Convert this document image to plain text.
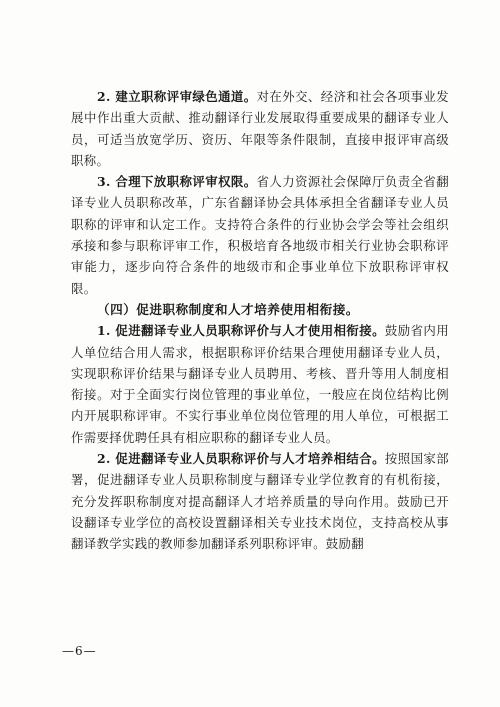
2. 建立职称评审绿色通道。对在外交、经济和社会各项事业发展中作出重大贡献、推动翻译行业发展取得重要成果的翻译专业人员，可适当放宽学历、资历、年限等条件限制，直接申报评审高级职称。

3. 合理下放职称评审权限。省人力资源社会保障厅负责全省翻译专业人员职称改革，广东省翻译协会具体承担全省翻译专业人员职称的评审和认定工作。支持符合条件的行业协会学会等社会组织承接和参与职称评审工作，积极培育各地级市相关行业协会职称评审能力，逐步向符合条件的地级市和企事业单位下放职称评审权限。

（四）促进职称制度和人才培养使用相衔接。

1. 促进翻译专业人员职称评价与人才使用相衔接。鼓励省内用人单位结合用人需求，根据职称评价结果合理使用翻译专业人员，实现职称评价结果与翻译专业人员聘用、考核、晋升等用人制度相衔接。对于全面实行岗位管理的事业单位，一般应在岗位结构比例内开展职称评审。不实行事业单位岗位管理的用人单位，可根据工作需要择优聘任具有相应职称的翻译专业人员。

2. 促进翻译专业人员职称评价与人才培养相结合。按照国家部署，促进翻译专业人员职称制度与翻译专业学位教育的有机衔接，充分发挥职称制度对提高翻译人才培养质量的导向作用。鼓励已开设翻译专业学位的高校设置翻译相关专业技术岗位，支持高校从事翻译教学实践的教师参加翻译系列职称评审。鼓励翻

—6—
